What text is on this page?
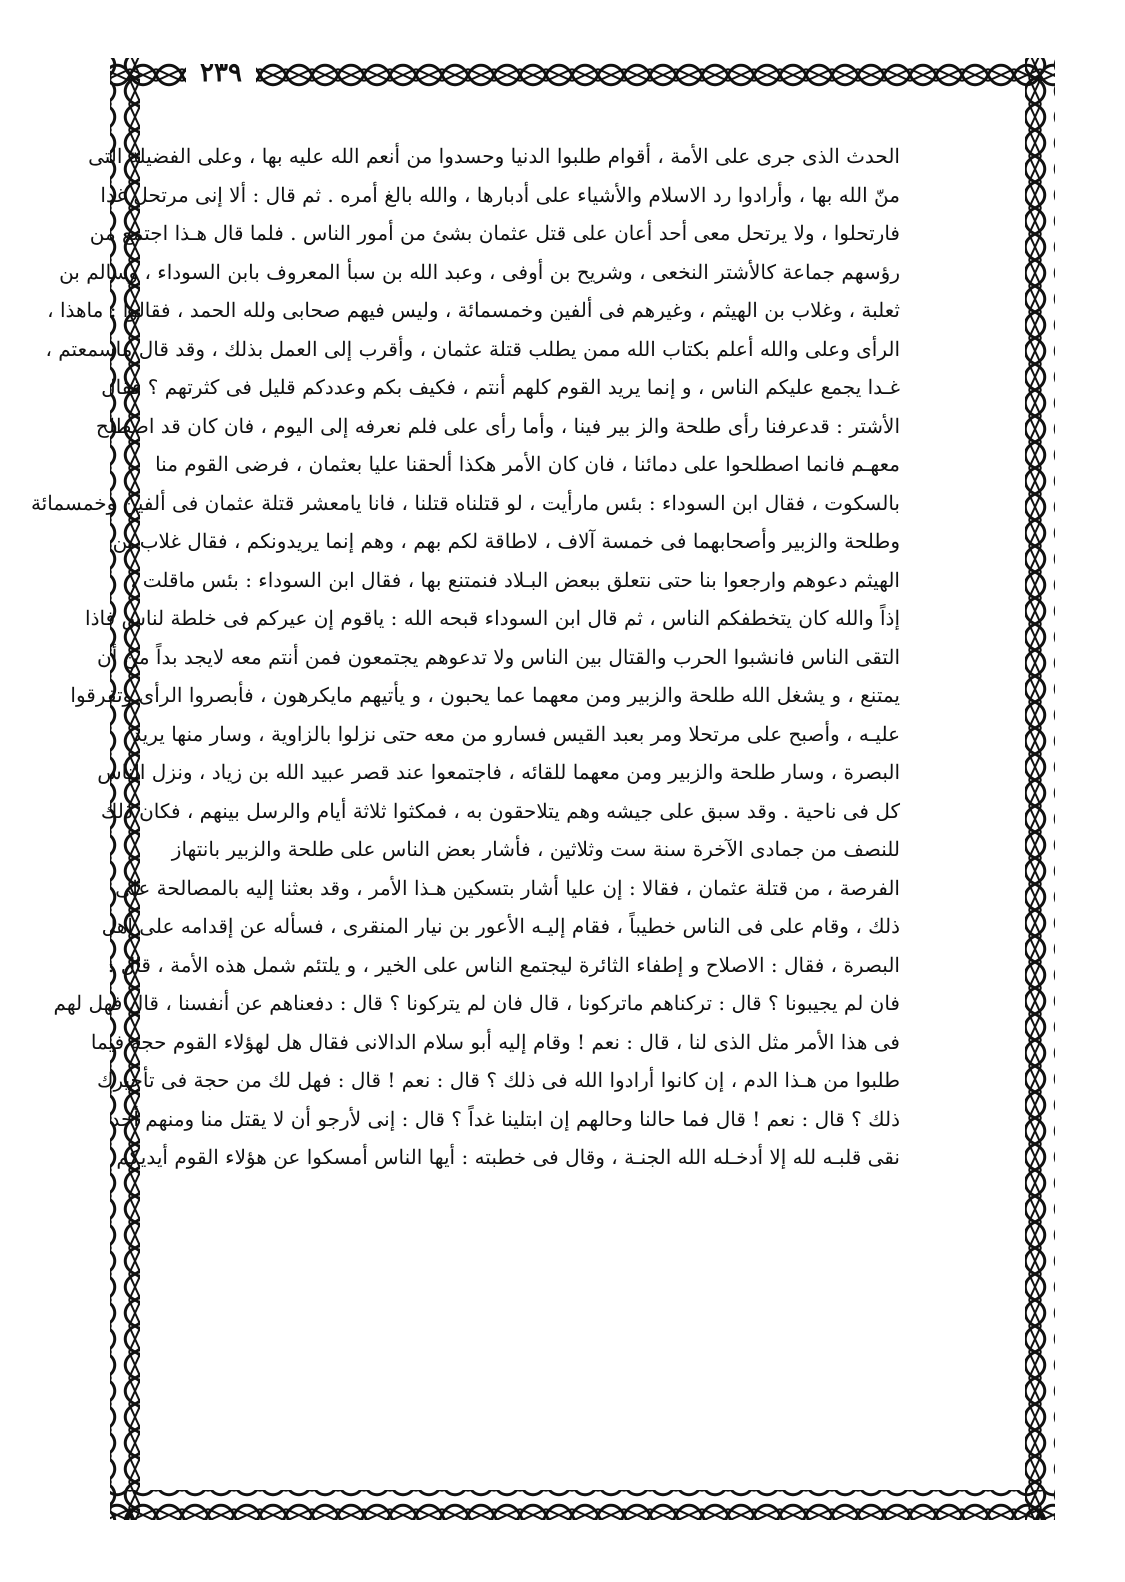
٢٣٩
الحدث الذى جرى على الأمة ، أقوام طلبوا الدنيا وحسدوا من أنعم الله عليه بها ، وعلى الفضيلة التى
منّ الله بها ، وأرادوا رد الاسلام والأشياء على أدبارها ، والله بالغ أمره . ثم قال : ألا إنى مرتحل غدا
فارتحلوا ، ولا يرتحل معى أحد أعان على قتل عثمان بشئ من أمور الناس . فلما قال هـذا اجتمع من
رؤسهم جماعة كالأشتر النخعى ، وشريح بن أوفى ، وعبد الله بن سبأ المعروف بابن السوداء ، وسالم بن
ثعلبة ، وغلاب بن الهيثم ، وغيرهم فى ألفين وخمسمائة ، وليس فيهم صحابى ولله الحمد ، فقالوا : ماهذا ،
الرأى وعلى والله أعلم بكتاب الله ممن يطلب قتلة عثمان ، وأقرب إلى العمل بذلك ، وقد قال ماسمعتم ،
غـدا يجمع عليكم الناس ، و إنما يريد القوم كلهم أنتم ، فكيف بكم وعددكم قليل فى كثرتهم ؟ فقال
الأشتر : قدعرفنا رأى طلحة والز بير فينا ، وأما رأى على فلم نعرفه إلى اليوم ، فان كان قد اصطلح
معهـم فانما اصطلحوا على دمائنا ، فان كان الأمر هكذا ألحقنا عليا بعثمان ، فرضى القوم منا
بالسكوت ، فقال ابن السوداء : بئس مارأيت ، لو قتلناه قتلنا ، فانا يامعشر قتلة عثمان فى ألفين وخمسمائة
وطلحة والزبير وأصحابهما فى خمسة آلاف ، لاطاقة لكم بهم ، وهم إنما يريدونكم ، فقال غلاب بن
الهيثم دعوهم وارجعوا بنا حتى نتعلق ببعض البـلاد فنمتنع بها ، فقال ابن السوداء : بئس ماقلت ،
إذاً والله كان يتخطفكم الناس ، ثم قال ابن السوداء قبحه الله : ياقوم إن عيركم فى خلطة لناس فاذا
التقى الناس فانشبوا الحرب والقتال بين الناس ولا تدعوهم يجتمعون فمن أنتم معه لايجد بداً من أن
يمتنع ، و يشغل الله طلحة والزبير ومن معهما عما يحبون ، و يأتيهم مايكرهون ، فأبصروا الرأى وتفرقوا
عليـه ، وأصبح على مرتحلا ومر بعبد القيس فسارو من معه حتى نزلوا بالزاوية ، وسار منها يريد
البصرة ، وسار طلحة والزبير ومن معهما للقائه ، فاجتمعوا عند قصر عبيد الله بن زياد ، ونزل الناس
كل فى ناحية . وقد سبق على جيشه وهم يتلاحقون به ، فمكثوا ثلاثة أيام والرسل بينهم ، فكان ذلك
للنصف من جمادى الآخرة سنة ست وثلاثين ، فأشار بعض الناس على طلحة والزبير بانتهاز
الفرصة ، من قتلة عثمان ، فقالا : إن عليا أشار بتسكين هـذا الأمر ، وقد بعثنا إليه بالمصالحة على
ذلك ، وقام على فى الناس خطيباً ، فقام إليـه الأعور بن نيار المنقرى ، فسأله عن إقدامه على أهل
البصرة ، فقال : الاصلاح و إطفاء الثائرة ليجتمع الناس على الخير ، و يلتئم شمل هذه الأمة ، قال :
فان لم يجيبونا ؟ قال : تركناهم ماتركونا ، قال فان لم يتركونا ؟ قال : دفعناهم عن أنفسنا ، قال فهل لهم
فى هذا الأمر مثل الذى لنا ، قال : نعم ! وقام إليه أبو سلام الدالانى فقال هل لهؤلاء القوم حجة فيما
طلبوا من هـذا الدم ، إن كانوا أرادوا الله فى ذلك ؟ قال : نعم ! قال : فهل لك من حجة فى تأخيرك
ذلك ؟ قال : نعم ! قال فما حالنا وحالهم إن ابتلينا غداً ؟ قال : إنى لأرجو أن لا يقتل منا ومنهم أحد
نقى قلبـه لله إلا أدخـله الله الجنـة ، وقال فى خطبته : أيها الناس أمسكوا عن هؤلاء القوم أيديكم
